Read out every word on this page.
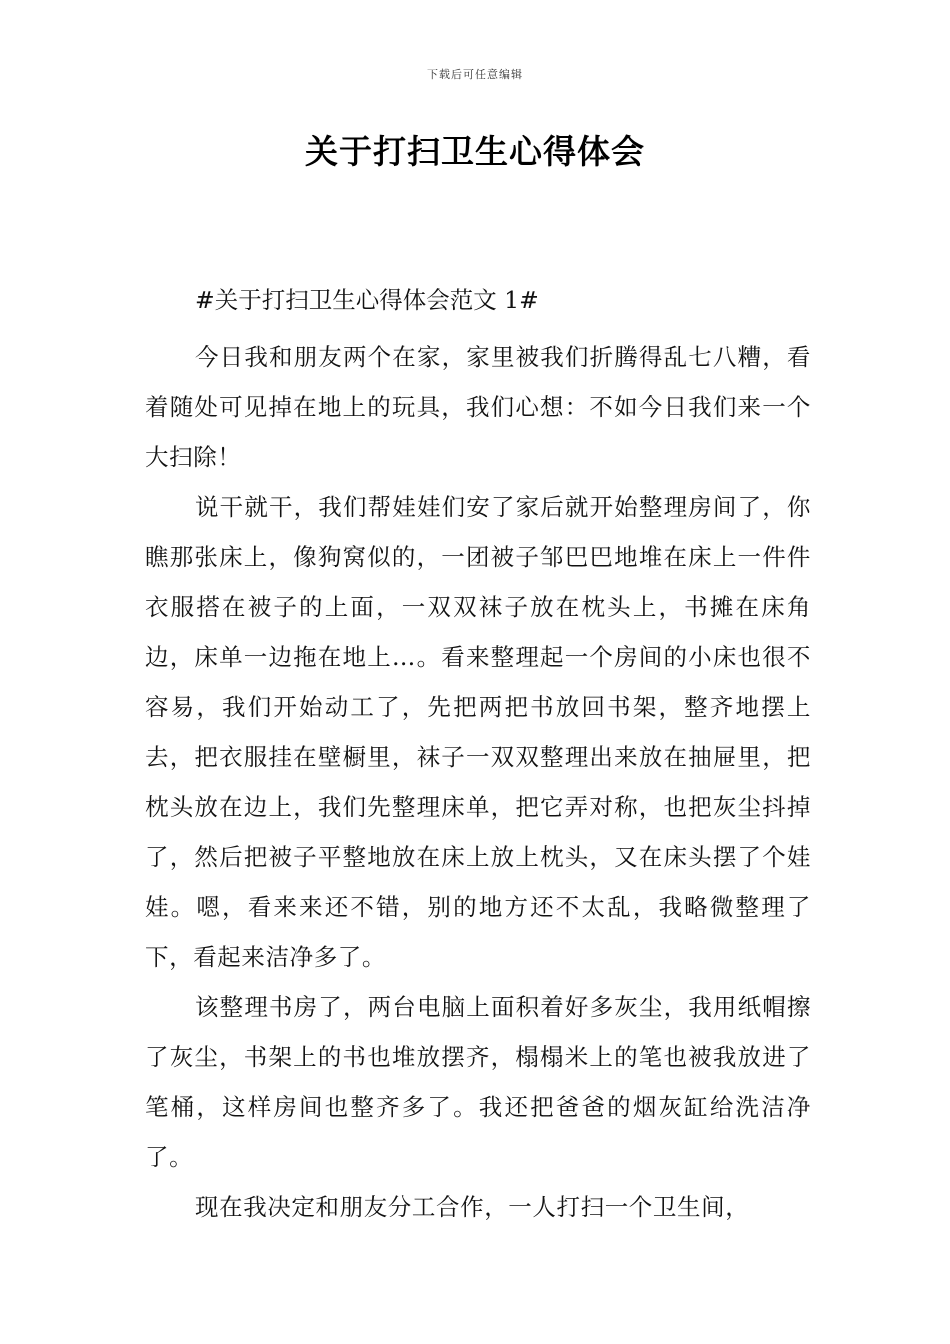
下载后可任意编辑
关于打扫卫生心得体会

#关于打扫卫生心得体会范文 1#

今日我和朋友两个在家，家里被我们折腾得乱七八糟，看着随处可见掉在地上的玩具，我们心想：不如今日我们来一个大扫除！

说干就干，我们帮娃娃们安了家后就开始整理房间了，你瞧那张床上，像狗窝似的，一团被子邹巴巴地堆在床上一件件衣服搭在被子的上面，一双双袜子放在枕头上，书摊在床角边，床单一边拖在地上…。看来整理起一个房间的小床也很不容易，我们开始动工了，先把两把书放回书架，整齐地摆上去，把衣服挂在壁橱里，袜子一双双整理出来放在抽屉里，把枕头放在边上，我们先整理床单，把它弄对称，也把灰尘抖掉了，然后把被子平整地放在床上放上枕头，又在床头摆了个娃娃。嗯，看来来还不错，别的地方还不太乱，我略微整理了下，看起来洁净多了。

该整理书房了，两台电脑上面积着好多灰尘，我用纸帽擦了灰尘，书架上的书也堆放摆齐，榻榻米上的笔也被我放进了笔桶，这样房间也整齐多了。我还把爸爸的烟灰缸给洗洁净了。

现在我决定和朋友分工合作，一人打扫一个卫生间，
